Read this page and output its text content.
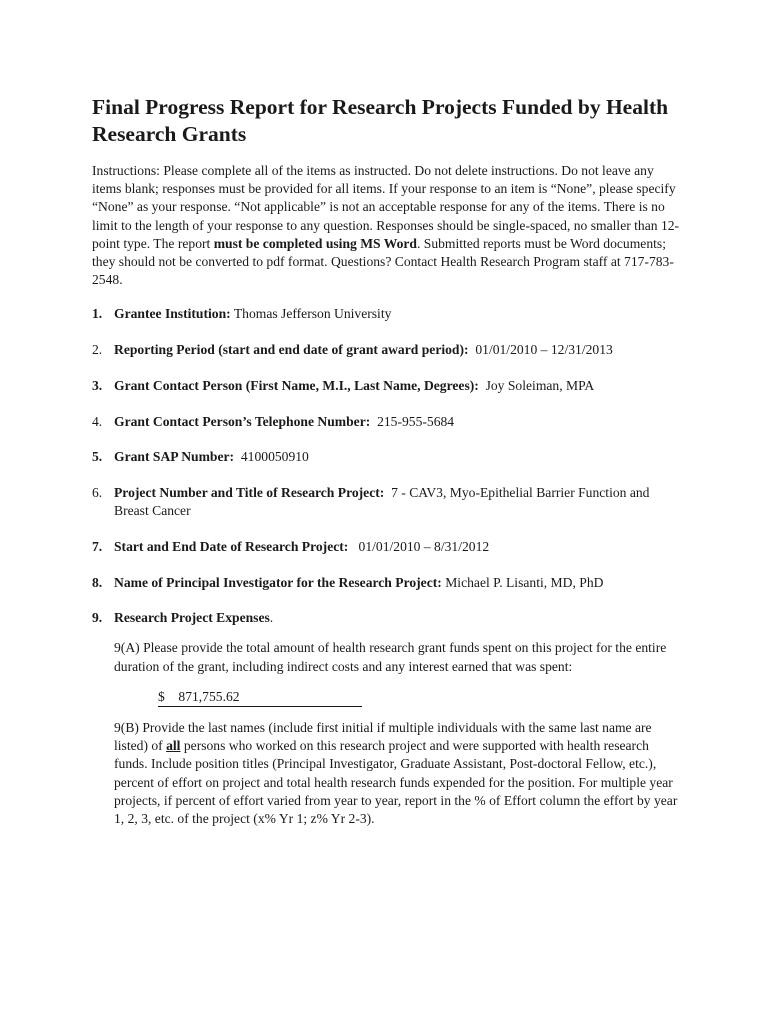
Final Progress Report for Research Projects Funded by Health Research Grants

Instructions: Please complete all of the items as instructed. Do not delete instructions. Do not leave any items blank; responses must be provided for all items. If your response to an item is “None”, please specify “None” as your response. “Not applicable” is not an acceptable response for any of the items. There is no limit to the length of your response to any question. Responses should be single-spaced, no smaller than 12-point type. The report must be completed using MS Word. Submitted reports must be Word documents; they should not be converted to pdf format. Questions? Contact Health Research Program staff at 717-783-2548.

1. Grantee Institution: Thomas Jefferson University
2. Reporting Period (start and end date of grant award period): 01/01/2010 – 12/31/2013
3. Grant Contact Person (First Name, M.I., Last Name, Degrees): Joy Soleiman, MPA
4. Grant Contact Person’s Telephone Number: 215-955-5684
5. Grant SAP Number: 4100050910
6. Project Number and Title of Research Project: 7 - CAV3, Myo-Epithelial Barrier Function and Breast Cancer
7. Start and End Date of Research Project: 01/01/2010 – 8/31/2012
8. Name of Principal Investigator for the Research Project: Michael P. Lisanti, MD, PhD
9. Research Project Expenses.

9(A) Please provide the total amount of health research grant funds spent on this project for the entire duration of the grant, including indirect costs and any interest earned that was spent:

$    871,755.62

9(B) Provide the last names (include first initial if multiple individuals with the same last name are listed) of all persons who worked on this research project and were supported with health research funds. Include position titles (Principal Investigator, Graduate Assistant, Post-doctoral Fellow, etc.), percent of effort on project and total health research funds expended for the position. For multiple year projects, if percent of effort varied from year to year, report in the % of Effort column the effort by year 1, 2, 3, etc. of the project (x% Yr 1; z% Yr 2-3).
